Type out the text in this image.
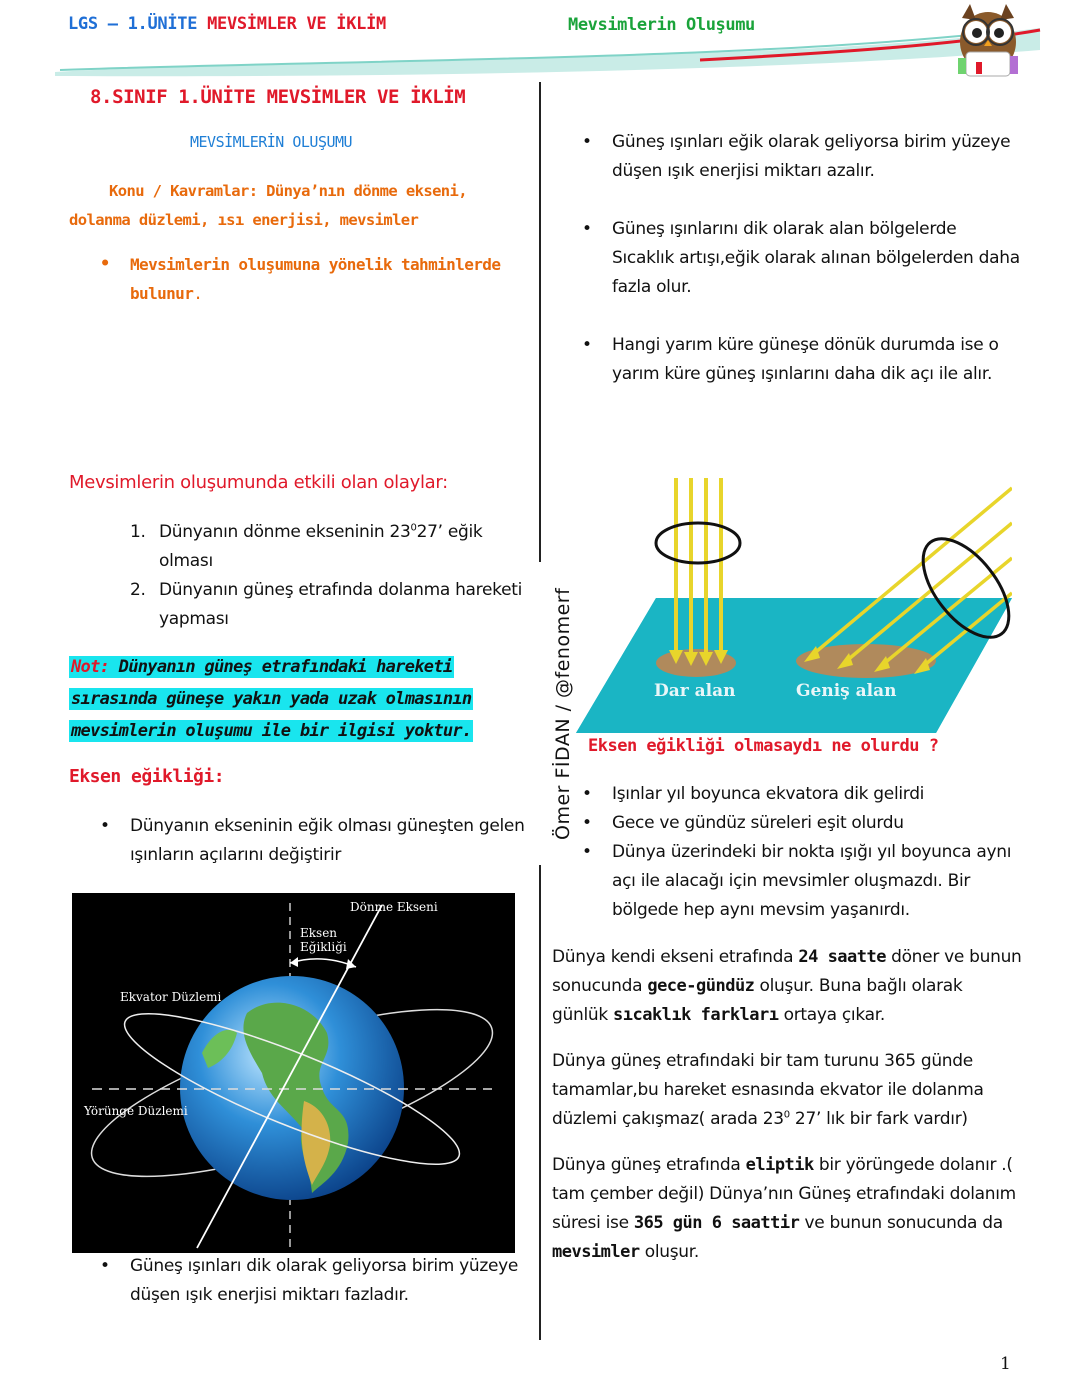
LGS – 1.ÜNİTE MEVSİMLER VE İKLİM	Mevsimlerin Oluşumu
Ömer FİDAN / @fenomerf
8.SINIF 1.ÜNİTE MEVSİMLER VE İKLİM
MEVSİMLERİN OLUŞUMU
Konu / Kavramlar: Dünya’nın dönme ekseni,
dolanma düzlemi, ısı enerjisi, mevsimler
• Mevsimlerin oluşumuna yönelik tahminlerde bulunur.
• Güneş ışınları eğik olarak geliyorsa birim yüzeye düşen ışık enerjisi miktarı azalır.
• Güneş ışınlarını dik olarak alan bölgelerde Sıcaklık artışı,eğik olarak alınan bölgelerden daha fazla olur.
• Hangi yarım küre güneşe dönük durumda ise o yarım küre güneş ışınlarını daha dik açı ile alır.
Mevsimlerin oluşumunda etkili olan olaylar:
1. Dünyanın dönme ekseninin $23^027$’ eğik olması
2. Dünyanın güneş etrafında dolanma hareketi yapması
Not: Dünyanın güneş etrafındaki hareketi
sırasında güneşe yakın yada uzak olmasının
mevsimlerin oluşumu ile bir ilgisi yoktur.
Eksen eğikliği:
• Dünyanın ekseninin eğik olması güneşten gelen ışınların açılarını değiştirir
Dönme Ekseni
Eksen
Eğikliği
Ekvator Düzlemi
Yörünge Düzlemi
• Güneş ışınları dik olarak geliyorsa birim yüzeye düşen ışık enerjisi miktarı fazladır.
Dar alan	Geniş alan
Eksen eğikliği olmasaydı ne olurdu ?
• Işınlar yıl boyunca ekvatora dik gelirdi
• Gece ve gündüz süreleri eşit olurdu
• Dünya üzerindeki bir nokta ışığı yıl boyunca aynı açı ile alacağı için mevsimler oluşmazdı. Bir bölgede hep aynı mevsim yaşanırdı.
Dünya kendi ekseni etrafında 24 saatte döner ve bunun sonucunda gece-gündüz oluşur. Buna bağlı olarak günlük sıcaklık farkları ortaya çıkar.
Dünya güneş etrafındaki bir tam turunu 365 günde tamamlar,bu hareket esnasında ekvator ile dolanma düzlemi çakışmaz( arada $23^0$ 27’ lık bir fark vardır)
Dünya güneş etrafında eliptik bir yörüngede dolanır .( tam çember değil) Dünya’nın Güneş etrafındaki dolanım süresi ise 365 gün 6 saattir ve bunun sonucunda da mevsimler oluşur.
1
